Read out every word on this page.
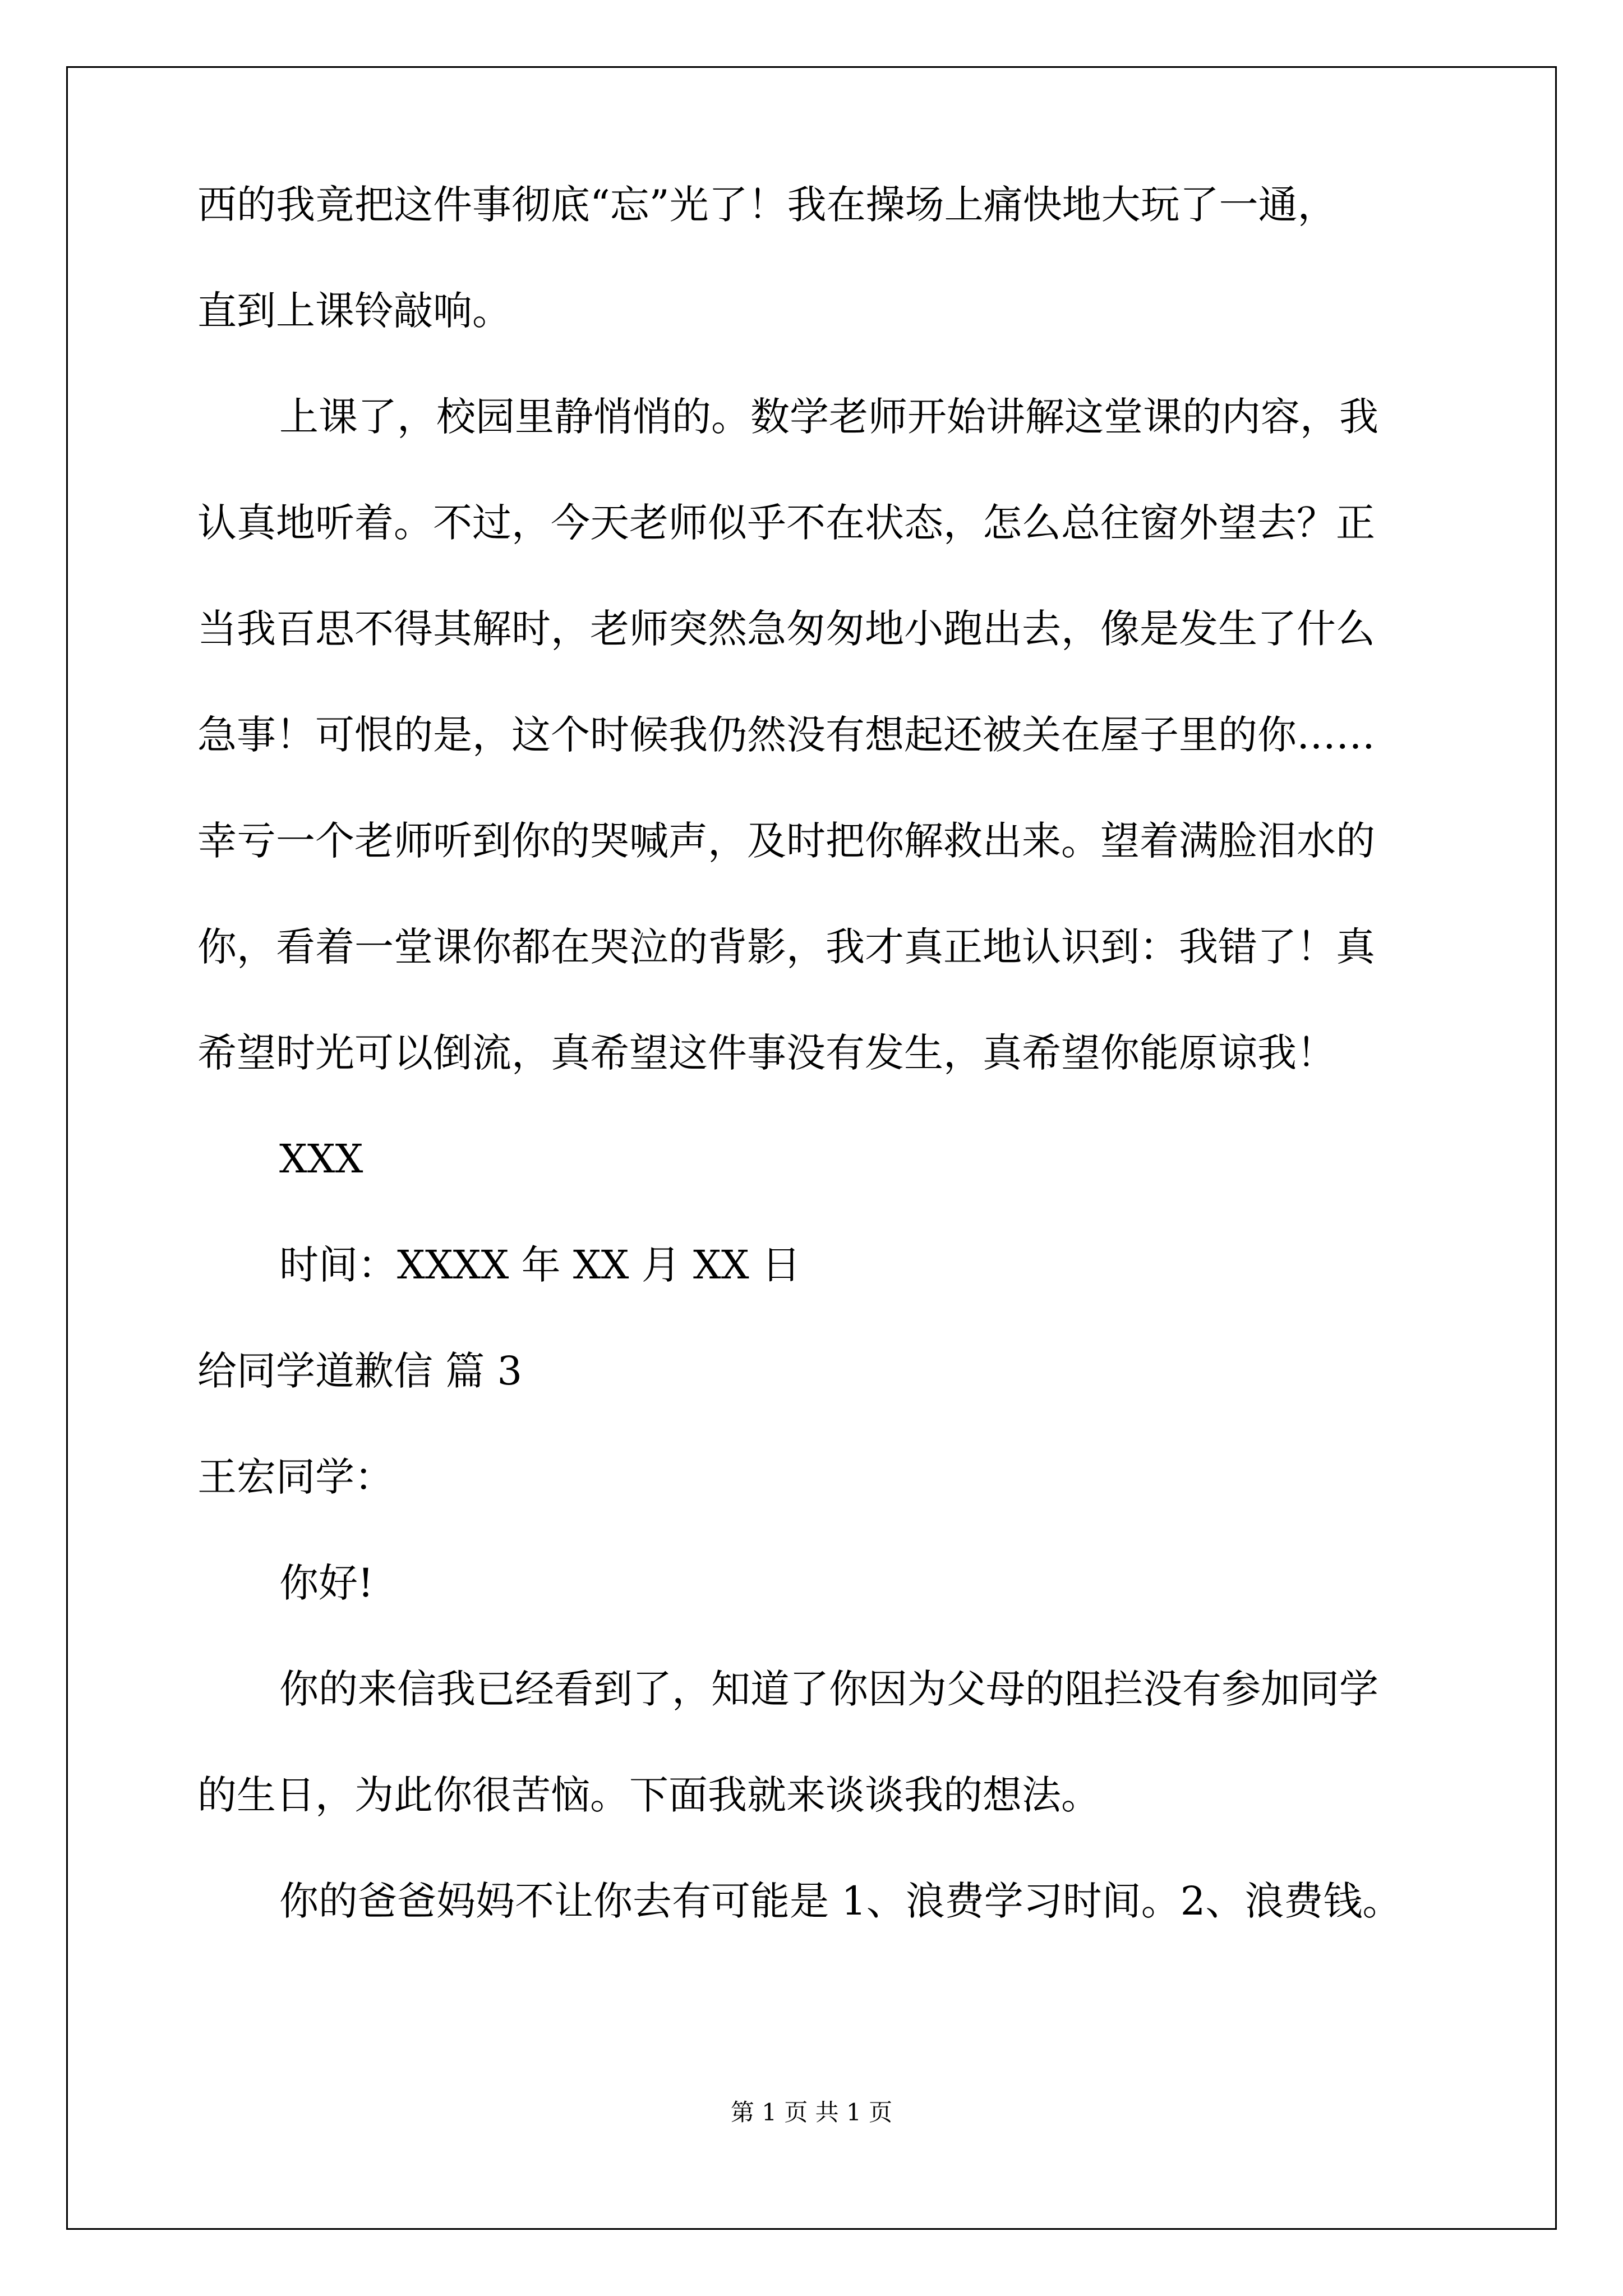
西的我竟把这件事彻底“忘”光了！我在操场上痛快地大玩了一通，
直到上课铃敲响。
上课了，校园里静悄悄的。数学老师开始讲解这堂课的内容，我
认真地听着。不过，今天老师似乎不在状态，怎么总往窗外望去？正
当我百思不得其解时，老师突然急匆匆地小跑出去，像是发生了什么
急事！可恨的是，这个时候我仍然没有想起还被关在屋子里的你……
幸亏一个老师听到你的哭喊声，及时把你解救出来。望着满脸泪水的
你，看着一堂课你都在哭泣的背影，我才真正地认识到：我错了！真
希望时光可以倒流，真希望这件事没有发生，真希望你能原谅我！
XXX
时间：XXXX 年 XX 月 XX 日
给同学道歉信 篇 3
王宏同学：
你好!
你的来信我已经看到了，知道了你因为父母的阻拦没有参加同学
的生日，为此你很苦恼。下面我就来谈谈我的想法。
你的爸爸妈妈不让你去有可能是 1、浪费学习时间。2、浪费钱。
第 1 页 共 1 页
